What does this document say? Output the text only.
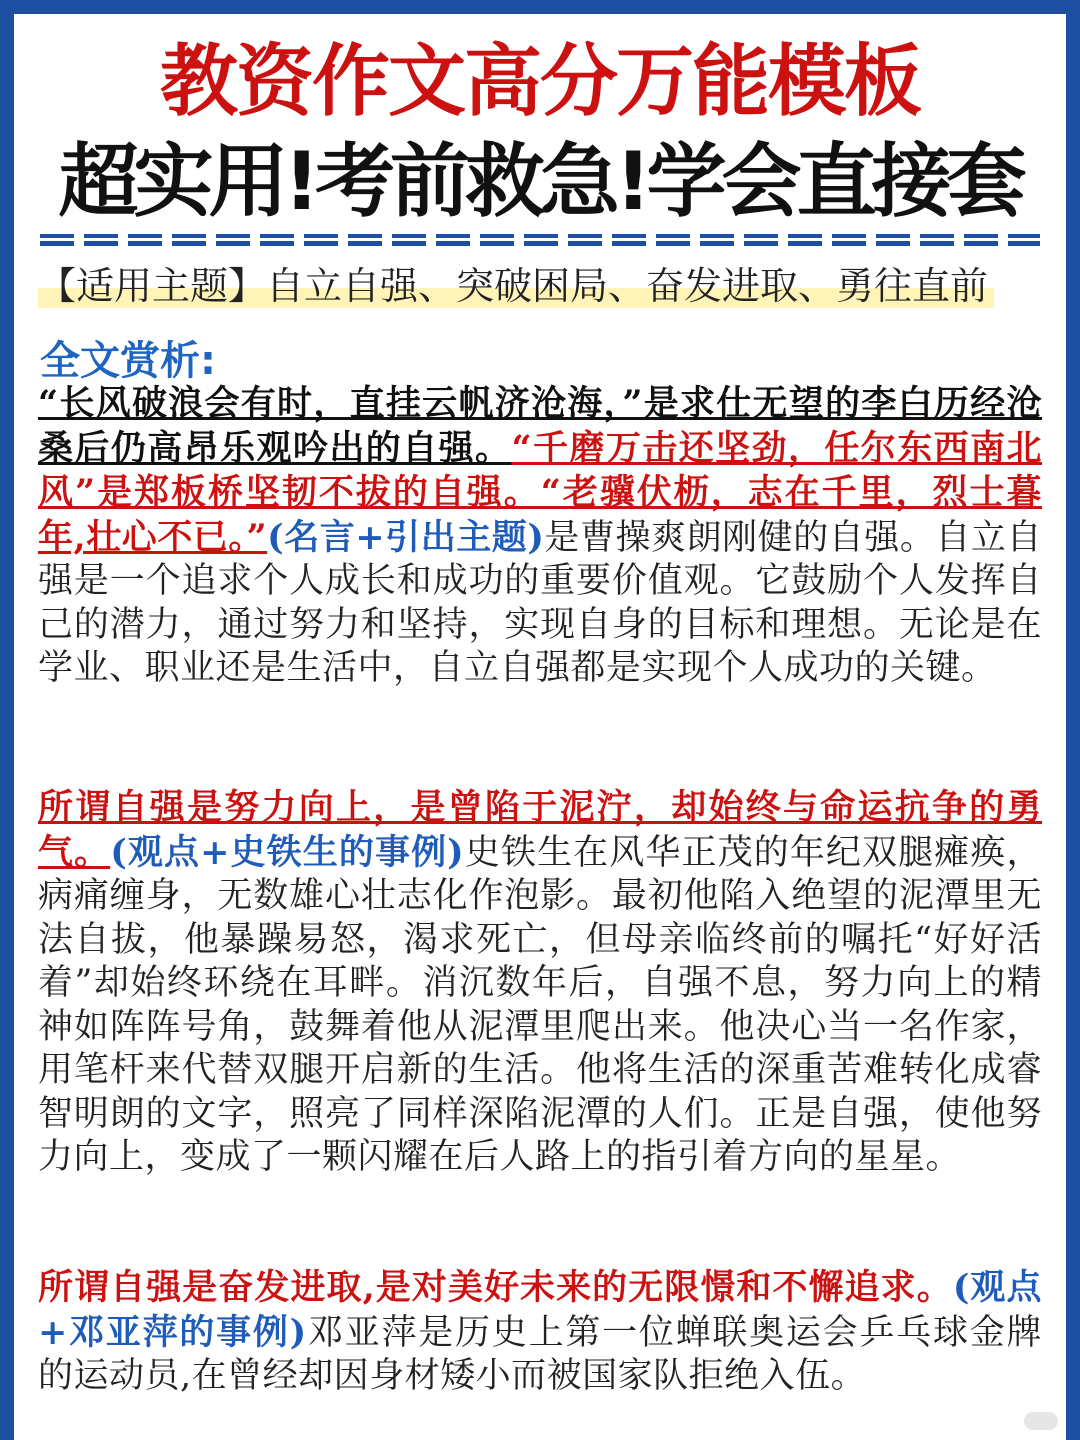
教资作文高分万能模板
超实用!考前救急!学会直接套
【适用主题】自立自强、突破困局、奋发进取、勇往直前
全文赏析:
“长风破浪会有时，直挂云帆济沧海，”是求仕无望的李白历经沧桑后仍高昂乐观吟出的自强。“千磨万击还坚劲，任尔东西南北风”是郑板桥坚韧不拔的自强。“老骥伏枥，志在千里，烈士暮年,壮心不已。”(名言+引出主题)是曹操爽朗刚健的自强。自立自强是一个追求个人成长和成功的重要价值观。它鼓励个人发挥自己的潜力，通过努力和坚持，实现自身的目标和理想。无论是在学业、职业还是生活中，自立自强都是实现个人成功的关键。
所谓自强是努力向上，是曾陷于泥泞，却始终与命运抗争的勇气。(观点+史铁生的事例)史铁生在风华正茂的年纪双腿瘫痪，病痛缠身，无数雄心壮志化作泡影。最初他陷入绝望的泥潭里无法自拔，他暴躁易怒，渴求死亡，但母亲临终前的嘱托“好好活着”却始终环绕在耳畔。消沉数年后，自强不息，努力向上的精神如阵阵号角，鼓舞着他从泥潭里爬出来。他决心当一名作家，用笔杆来代替双腿开启新的生活。他将生活的深重苦难转化成睿智明朗的文字，照亮了同样深陷泥潭的人们。正是自强，使他努力向上，变成了一颗闪耀在后人路上的指引着方向的星星。
所谓自强是奋发进取,是对美好未来的无限憬和不懈追求。(观点+邓亚萍的事例)邓亚萍是历史上第一位蝉联奥运会乒乓球金牌的运动员,在曾经却因身材矮小而被国家队拒绝入伍。
